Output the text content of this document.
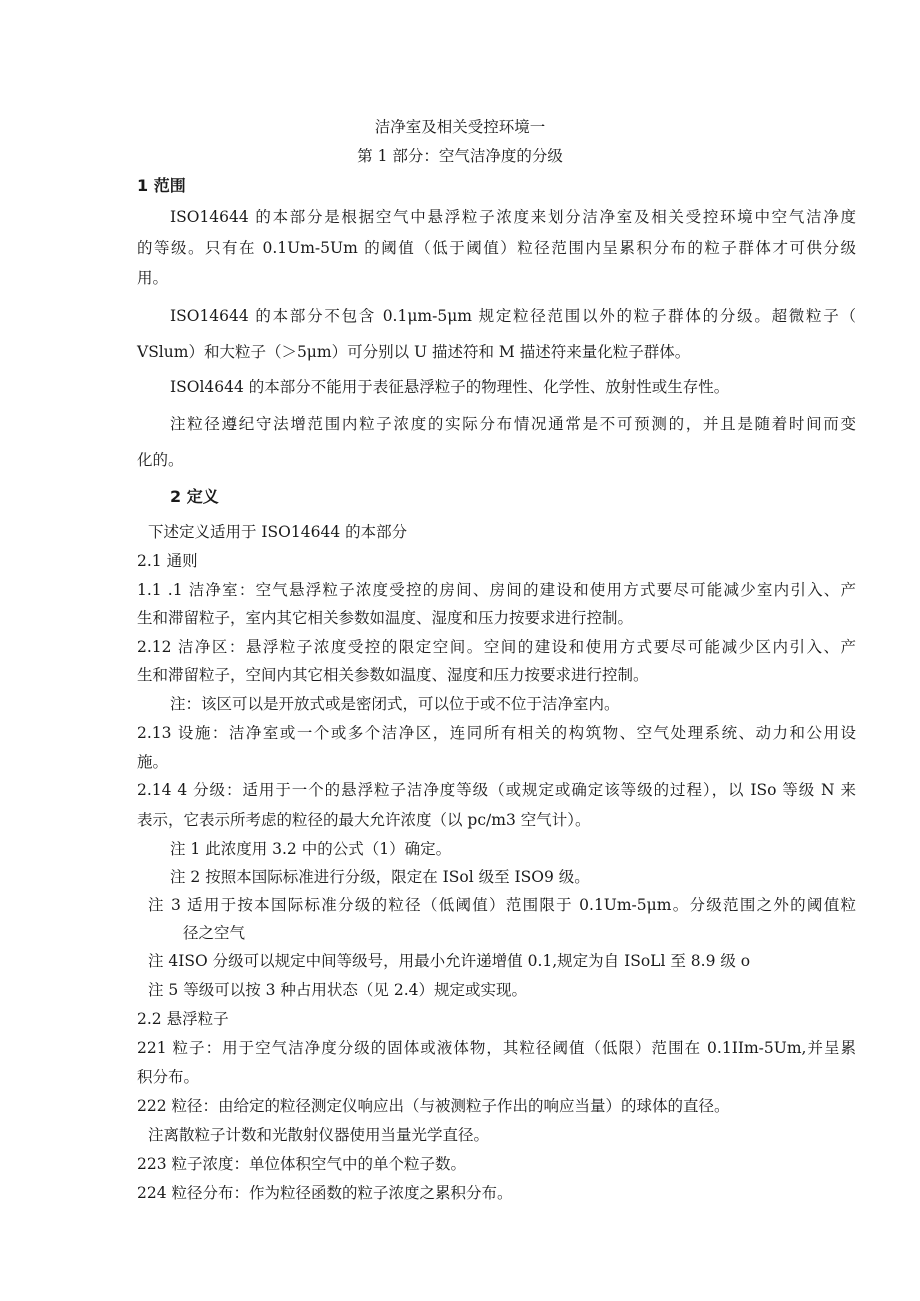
洁净室及相关受控环境一
第 1 部分：空气洁净度的分级
1 范围
ISO14644 的本部分是根据空气中悬浮粒子浓度来划分洁净室及相关受控环境中空气洁净度
的等级。只有在 0.1Um-5Um 的阈值（低于阈值）粒径范围内呈累积分布的粒子群体才可供分级
用。
ISO14644 的本部分不包含 0.1μm-5μm 规定粒径范围以外的粒子群体的分级。超微粒子（
VSlum）和大粒子（＞5μm）可分别以 U 描述符和 M 描述符来量化粒子群体。
ISOl4644 的本部分不能用于表征悬浮粒子的物理性、化学性、放射性或生存性。
注粒径遵纪守法增范围内粒子浓度的实际分布情况通常是不可预测的，并且是随着时间而变
化的。
2 定义
下述定义适用于 ISO14644 的本部分
2.1 通则
1.1 .1 洁净室：空气悬浮粒子浓度受控的房间、房间的建设和使用方式要尽可能减少室内引入、产
生和滞留粒子，室内其它相关参数如温度、湿度和压力按要求进行控制。
2.12 洁净区：悬浮粒子浓度受控的限定空间。空间的建设和使用方式要尽可能减少区内引入、产
生和滞留粒子，空间内其它相关参数如温度、湿度和压力按要求进行控制。
注：该区可以是开放式或是密闭式，可以位于或不位于洁净室内。
2.13 设施：洁净室或一个或多个洁净区，连同所有相关的构筑物、空气处理系统、动力和公用设
施。
2.14 4 分级：适用于一个的悬浮粒子洁净度等级（或规定或确定该等级的过程），以 ISo 等级 N 来
表示，它表示所考虑的粒径的最大允许浓度（以 pc∕m3 空气计）。
注 1 此浓度用 3.2 中的公式（1）确定。
注 2 按照本国际标准进行分级，限定在 ISol 级至 ISO9 级。
注 3 适用于按本国际标准分级的粒径（低阈值）范围限于 0.1Um-5μm。分级范围之外的阈值粒
径之空气
注 4ISO 分级可以规定中间等级号，用最小允许递增值 0.1,规定为自 ISoLl 至 8.9 级 o
注 5 等级可以按 3 种占用状态（见 2.4）规定或实现。
2.2 悬浮粒子
221 粒子：用于空气洁净度分级的固体或液体物，其粒径阈值（低限）范围在 0.1IIm-5Um,并呈累
积分布。
222 粒径：由给定的粒径测定仪响应出（与被测粒子作出的响应当量）的球体的直径。
注离散粒子计数和光散射仪器使用当量光学直径。
223 粒子浓度：单位体积空气中的单个粒子数。
224 粒径分布：作为粒径函数的粒子浓度之累积分布。
